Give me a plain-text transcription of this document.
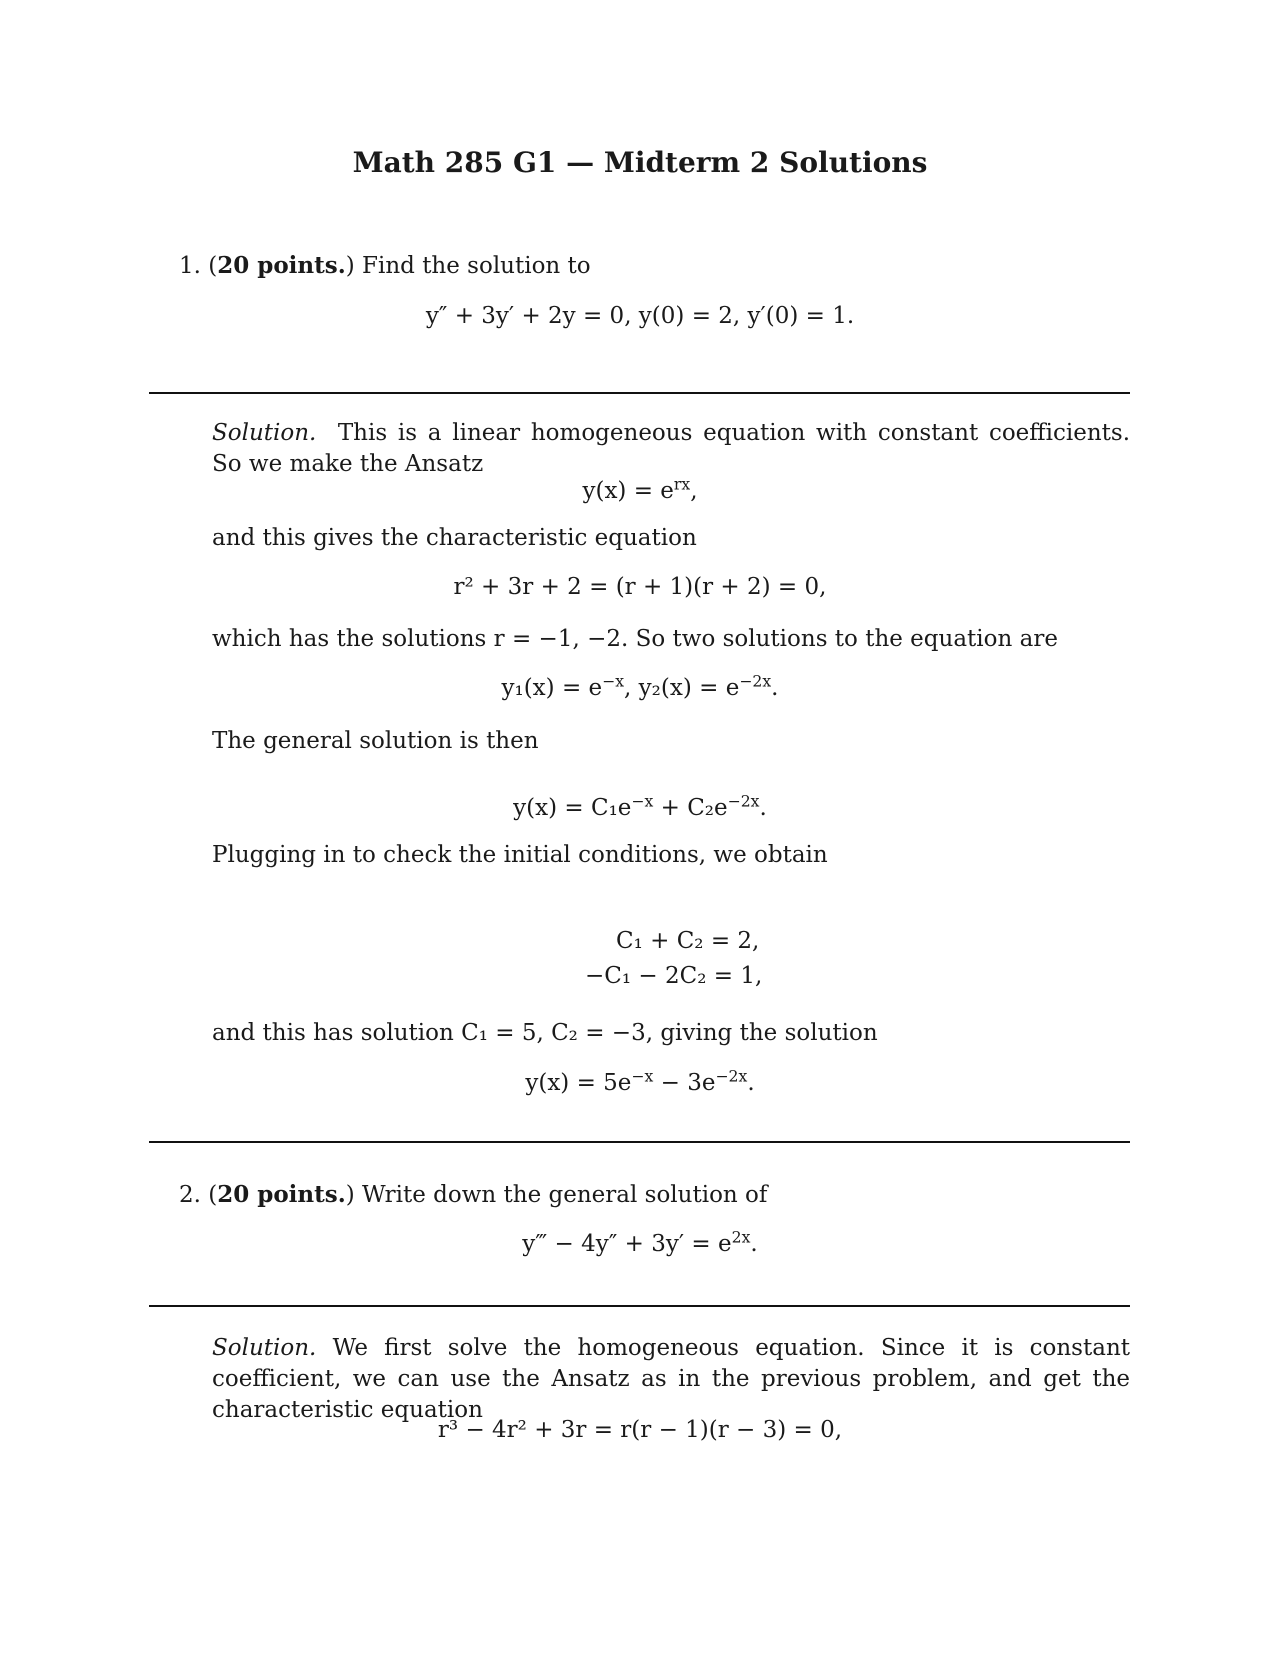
Math 285 G1 — Midterm 2 Solutions
1. (20 points.) Find the solution to
y″ + 3y′ + 2y = 0, y(0) = 2, y′(0) = 1.
Solution. This is a linear homogeneous equation with constant coefficients. So we make the Ansatz
$y(x) = e^{rx}$,
and this gives the characteristic equation
r² + 3r + 2 = (r + 1)(r + 2) = 0,
which has the solutions r = −1, −2. So two solutions to the equation are
$y_1(x) = e^{-x}$, $y_2(x) = e^{-2x}$.
The general solution is then
$y(x) = C_1e^{-x} + C_2e^{-2x}$.
Plugging in to check the initial conditions, we obtain
C₁ + C₂ = 2,
−C₁ − 2C₂ = 1,
and this has solution C₁ = 5, C₂ = −3, giving the solution
$y(x) = 5e^{-x} - 3e^{-2x}$.
2. (20 points.) Write down the general solution of
y‴ − $4y'' + 3y' = e^{2x}$.
Solution. We first solve the homogeneous equation. Since it is constant coefficient, we can use the Ansatz as in the previous problem, and get the characteristic equation
r³ − 4r² + 3r = r(r − 1)(r − 3) = 0,
